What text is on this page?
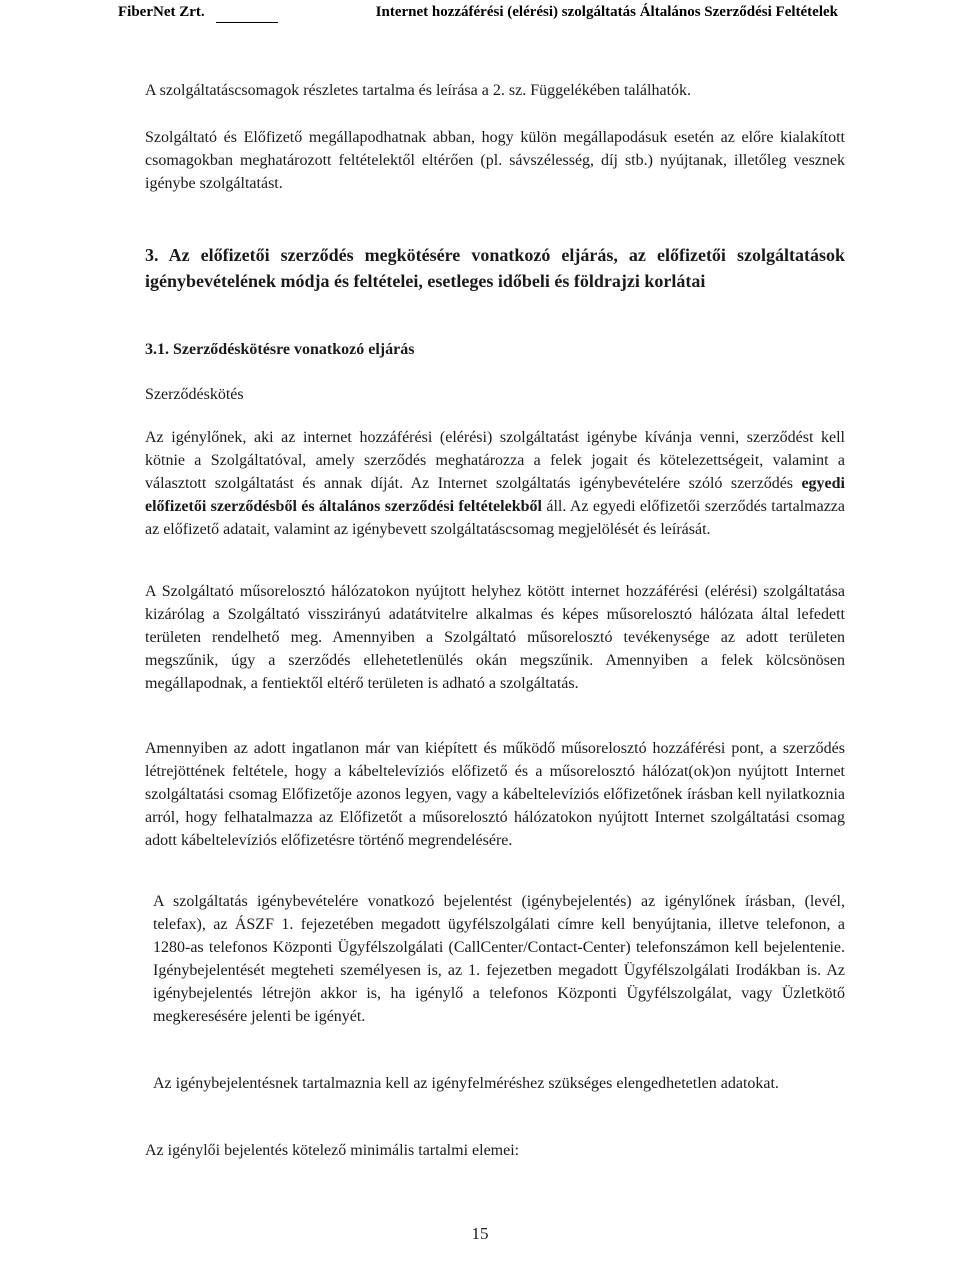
FiberNet Zrt.	Internet hozzáférési (elérési) szolgáltatás Általános Szerződési Feltételek

A szolgáltatáscsomagok részletes tartalma és leírása a 2. sz. Függelékében találhatók.

Szolgáltató és Előfizető megállapodhatnak abban, hogy külön megállapodásuk esetén az előre kialakított csomagokban meghatározott feltételektől eltérően (pl. sávszélesség, díj stb.) nyújtanak, illetőleg vesznek igénybe szolgáltatást.

3. Az előfizetői szerződés megkötésére vonatkozó eljárás, az előfizetői szolgáltatások igénybevételének módja és feltételei, esetleges időbeli és földrajzi korlátai

3.1. Szerződéskötésre vonatkozó eljárás

Szerződéskötés

Az igénylőnek, aki az internet hozzáférési (elérési) szolgáltatást igénybe kívánja venni, szerződést kell kötnie a Szolgáltatóval, amely szerződés meghatározza a felek jogait és kötelezettségeit, valamint a választott szolgáltatást és annak díját. Az Internet szolgáltatás igénybevételére szóló szerződés egyedi előfizetői szerződésből és általános szerződési feltételekből áll. Az egyedi előfizetői szerződés tartalmazza az előfizető adatait, valamint az igénybevett szolgáltatáscsomag megjelölését és leírását.

A Szolgáltató műsorelosztó hálózatokon nyújtott helyhez kötött internet hozzáférési (elérési) szolgáltatása kizárólag a Szolgáltató visszirányú adatátvitelre alkalmas és képes műsorelosztó hálózata által lefedett területen rendelhető meg. Amennyiben a Szolgáltató műsorelosztó tevékenysége az adott területen megszűnik, úgy a szerződés ellehetetlenülés okán megszűnik. Amennyiben a felek kölcsönösen megállapodnak, a fentiektől eltérő területen is adható a szolgáltatás.

Amennyiben az adott ingatlanon már van kiépített és működő műsorelosztó hozzáférési pont, a szerződés létrejöttének feltétele, hogy a kábeltelevíziós előfizető és a műsorelosztó hálózat(ok)on nyújtott Internet szolgáltatási csomag Előfizetője azonos legyen, vagy a kábeltelevíziós előfizetőnek írásban kell nyilatkoznia arról, hogy felhatalmazza az Előfizetőt a műsorelosztó hálózatokon nyújtott Internet szolgáltatási csomag adott kábeltelevíziós előfizetésre történő megrendelésére.

A szolgáltatás igénybevételére vonatkozó bejelentést (igénybejelentés) az igénylőnek írásban, (levél, telefax), az ÁSZF 1. fejezetében megadott ügyfélszolgálati címre kell benyújtania, illetve telefonon, a 1280-as telefonos Központi Ügyfélszolgálati (CallCenter/Contact-Center) telefonszámon kell bejelentenie. Igénybejelentését megteheti személyesen is, az 1. fejezetben megadott Ügyfélszolgálati Irodákban is. Az igénybejelentés létrejön akkor is, ha igénylő a telefonos Központi Ügyfélszolgálat, vagy Üzletkötő megkeresésére jelenti be igényét.

Az igénybejelentésnek tartalmaznia kell az igényfelméréshez szükséges elengedhetetlen adatokat.

Az igénylői bejelentés kötelező minimális tartalmi elemei:

15
